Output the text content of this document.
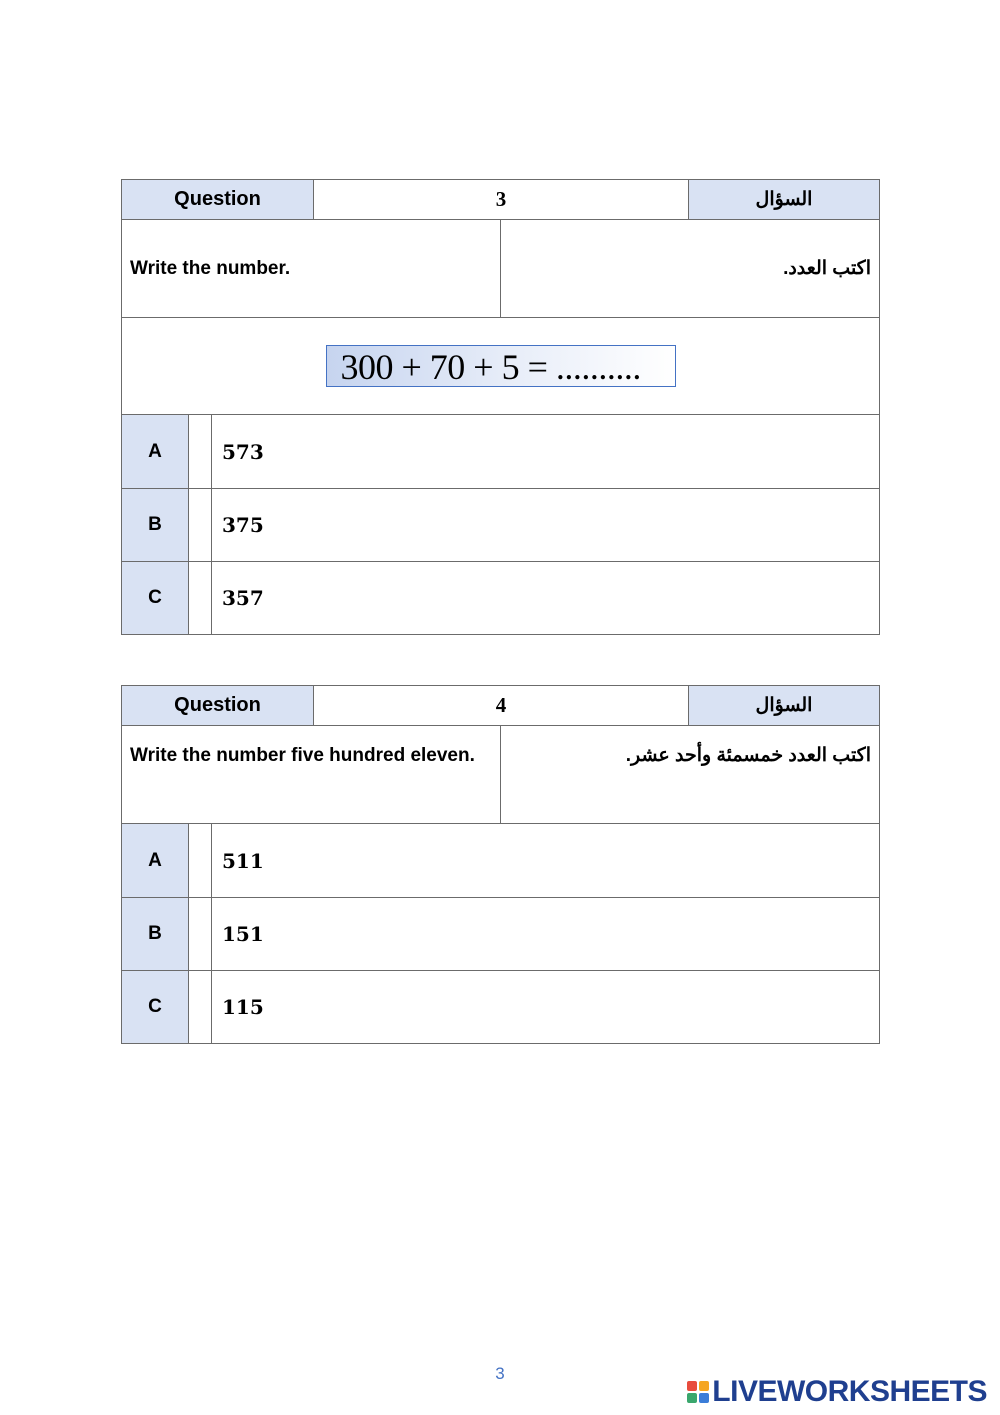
Question			3		السؤال
Write the number.				اكتب العدد.	
300 + 70 + 5 = ..........					
A		573			
B		375			
C		357			
Question			4		السؤال
Write the number five hundred eleven.				اكتب العدد خمسمئة وأحد عشر.	
A		511			
B		151			
C		115			
3
LIVEWORKSHEETS
